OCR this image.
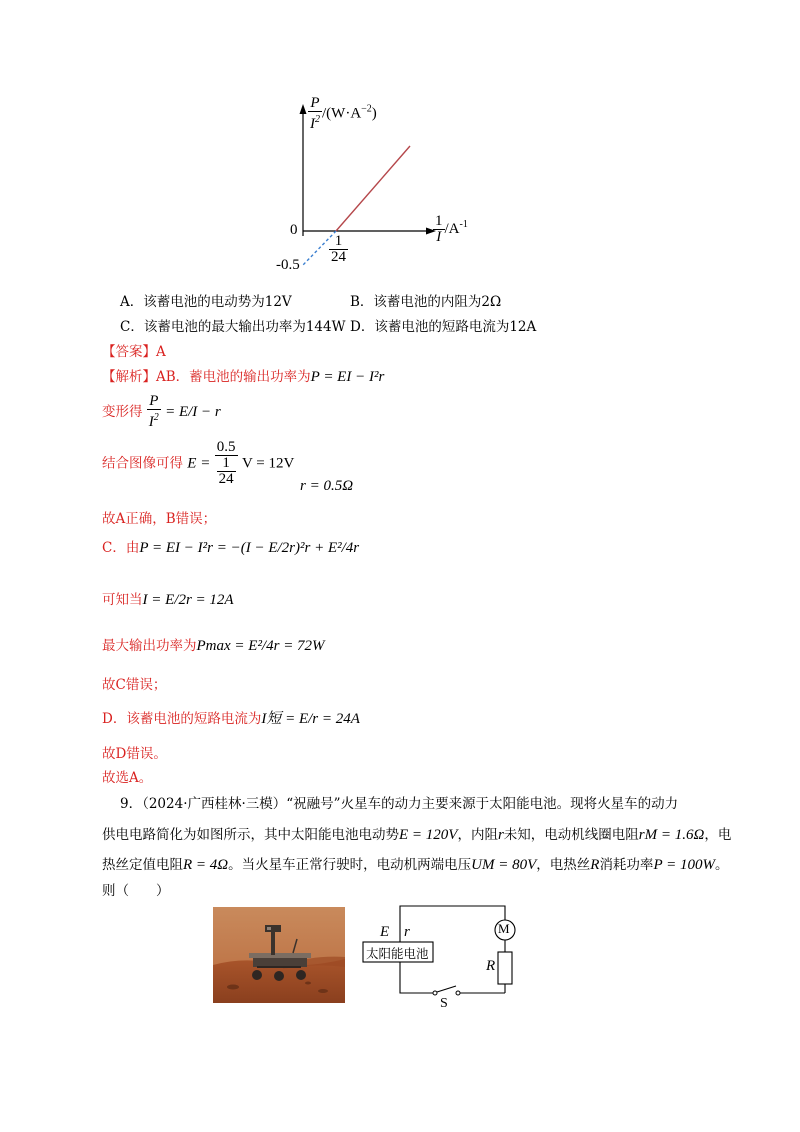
$\frac{P}{I^2} /(W\cdot A^{-2})$
$\frac{1}{I} /A^{-1}$
0
$-0.5 \frac{1}{24}$
A．该蓄电池的电动势为12V	B．该蓄电池的内阻为2Ω
C．该蓄电池的最大输出功率为144W D．该蓄电池的短路电流为12A
【答案】A
【解析】AB．蓄电池的输出功率为P = EI − I²r
变形得 $\frac{P}{I^2} = E/I - r$
结合图像可得 $E = \frac{0.5}{\frac{1}{24}}$ V = 12V
r = 0.5Ω
故A正确，B错误；
C．由P = EI − I²r = −(I − E/2r)²r + E²/4r
可知当I = E/2r = 12A
最大输出功率为Pmax = E²/4r = 72W
故C错误；
D．该蓄电池的短路电流为I短 = E/r = 24A
故D错误。
故选A。
9．（2024·广西桂林·三模）“祝融号”火星车的动力主要来源于太阳能电池。现将火星车的动力
供电电路简化为如图所示，其中太阳能电池电动势E = 120V，内阻r未知，电动机线圈电阻rM = 1.6Ω，电
热丝定值电阻R = 4Ω。当火星车正常行驶时，电动机两端电压UM = 80V，电热丝R消耗功率P = 100W。
则（　　）
太阳能电池
E r	M
R
S
